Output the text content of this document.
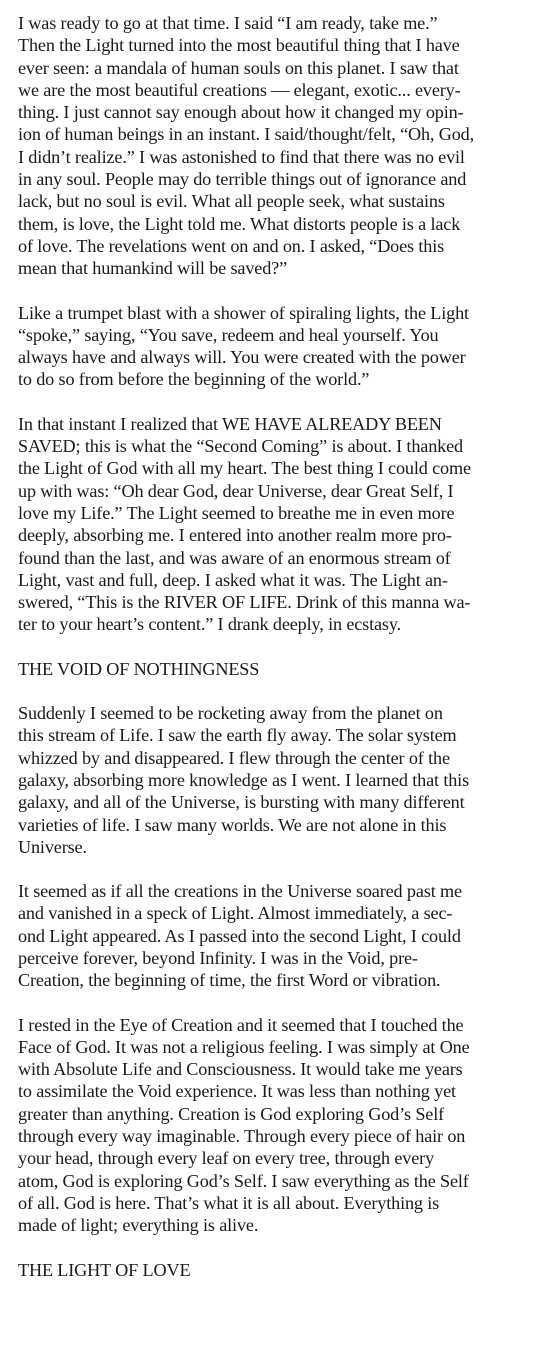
I was ready to go at that time. I said “I am ready, take me.”
Then the Light turned into the most beautiful thing that I have
ever seen: a mandala of human souls on this planet. I saw that
we are the most beautiful creations — elegant, exotic... every-
thing. I just cannot say enough about how it changed my opin-
ion of human beings in an instant. I said/thought/felt, “Oh, God,
I didn’t realize.” I was astonished to find that there was no evil
in any soul. People may do terrible things out of ignorance and
lack, but no soul is evil. What all people seek, what sustains
them, is love, the Light told me. What distorts people is a lack
of love. The revelations went on and on. I asked, “Does this
mean that humankind will be saved?”
Like a trumpet blast with a shower of spiraling lights, the Light
“spoke,” saying, “You save, redeem and heal yourself. You
always have and always will. You were created with the power
to do so from before the beginning of the world.”
In that instant I realized that WE HAVE ALREADY BEEN
SAVED; this is what the “Second Coming” is about. I thanked
the Light of God with all my heart. The best thing I could come
up with was: “Oh dear God, dear Universe, dear Great Self, I
love my Life.” The Light seemed to breathe me in even more
deeply, absorbing me. I entered into another realm more pro-
found than the last, and was aware of an enormous stream of
Light, vast and full, deep. I asked what it was. The Light an-
swered, “This is the RIVER OF LIFE. Drink of this manna wa-
ter to your heart’s content.” I drank deeply, in ecstasy.
THE VOID OF NOTHINGNESS
Suddenly I seemed to be rocketing away from the planet on
this stream of Life. I saw the earth fly away. The solar system
whizzed by and disappeared. I flew through the center of the
galaxy, absorbing more knowledge as I went. I learned that this
galaxy, and all of the Universe, is bursting with many different
varieties of life. I saw many worlds. We are not alone in this
Universe.
It seemed as if all the creations in the Universe soared past me
and vanished in a speck of Light. Almost immediately, a sec-
ond Light appeared. As I passed into the second Light, I could
perceive forever, beyond Infinity. I was in the Void, pre-
Creation, the beginning of time, the first Word or vibration.
I rested in the Eye of Creation and it seemed that I touched the
Face of God. It was not a religious feeling. I was simply at One
with Absolute Life and Consciousness. It would take me years
to assimilate the Void experience. It was less than nothing yet
greater than anything. Creation is God exploring God’s Self
through every way imaginable. Through every piece of hair on
your head, through every leaf on every tree, through every
atom, God is exploring God’s Self. I saw everything as the Self
of all. God is here. That’s what it is all about. Everything is
made of light; everything is alive.
THE LIGHT OF LOVE
